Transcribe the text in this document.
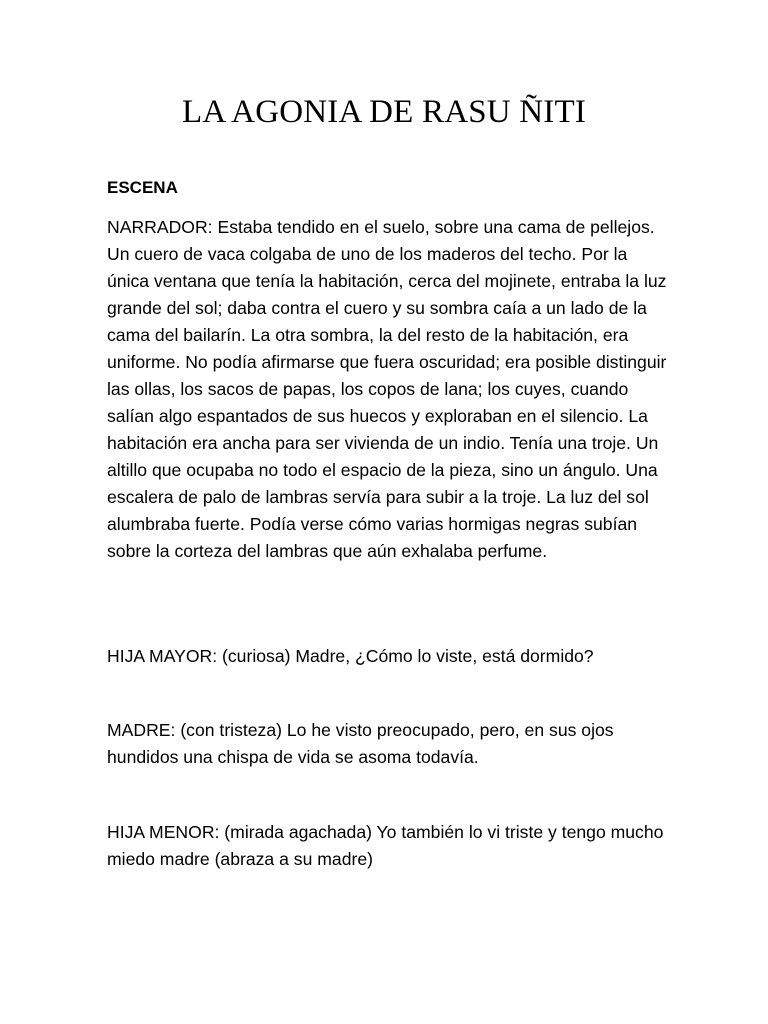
LA AGONIA DE RASU ÑITI

ESCENA

NARRADOR: Estaba tendido en el suelo, sobre una cama de pellejos. Un cuero de vaca colgaba de uno de los maderos del techo. Por la única ventana que tenía la habitación, cerca del mojinete, entraba la luz grande del sol; daba contra el cuero y su sombra caía a un lado de la cama del bailarín. La otra sombra, la del resto de la habitación, era uniforme. No podía afirmarse que fuera oscuridad; era posible distinguir las ollas, los sacos de papas, los copos de lana; los cuyes, cuando salían algo espantados de sus huecos y exploraban en el silencio. La habitación era ancha para ser vivienda de un indio. Tenía una troje. Un altillo que ocupaba no todo el espacio de la pieza, sino un ángulo. Una escalera de palo de lambras servía para subir a la troje. La luz del sol alumbraba fuerte. Podía verse cómo varias hormigas negras subían sobre la corteza del lambras que aún exhalaba perfume.

HIJA MAYOR: (curiosa) Madre, ¿Cómo lo viste, está dormido?

MADRE: (con tristeza) Lo he visto preocupado, pero, en sus ojos hundidos una chispa de vida se asoma todavía.

HIJA MENOR: (mirada agachada) Yo también lo vi triste y tengo mucho miedo madre (abraza a su madre)
